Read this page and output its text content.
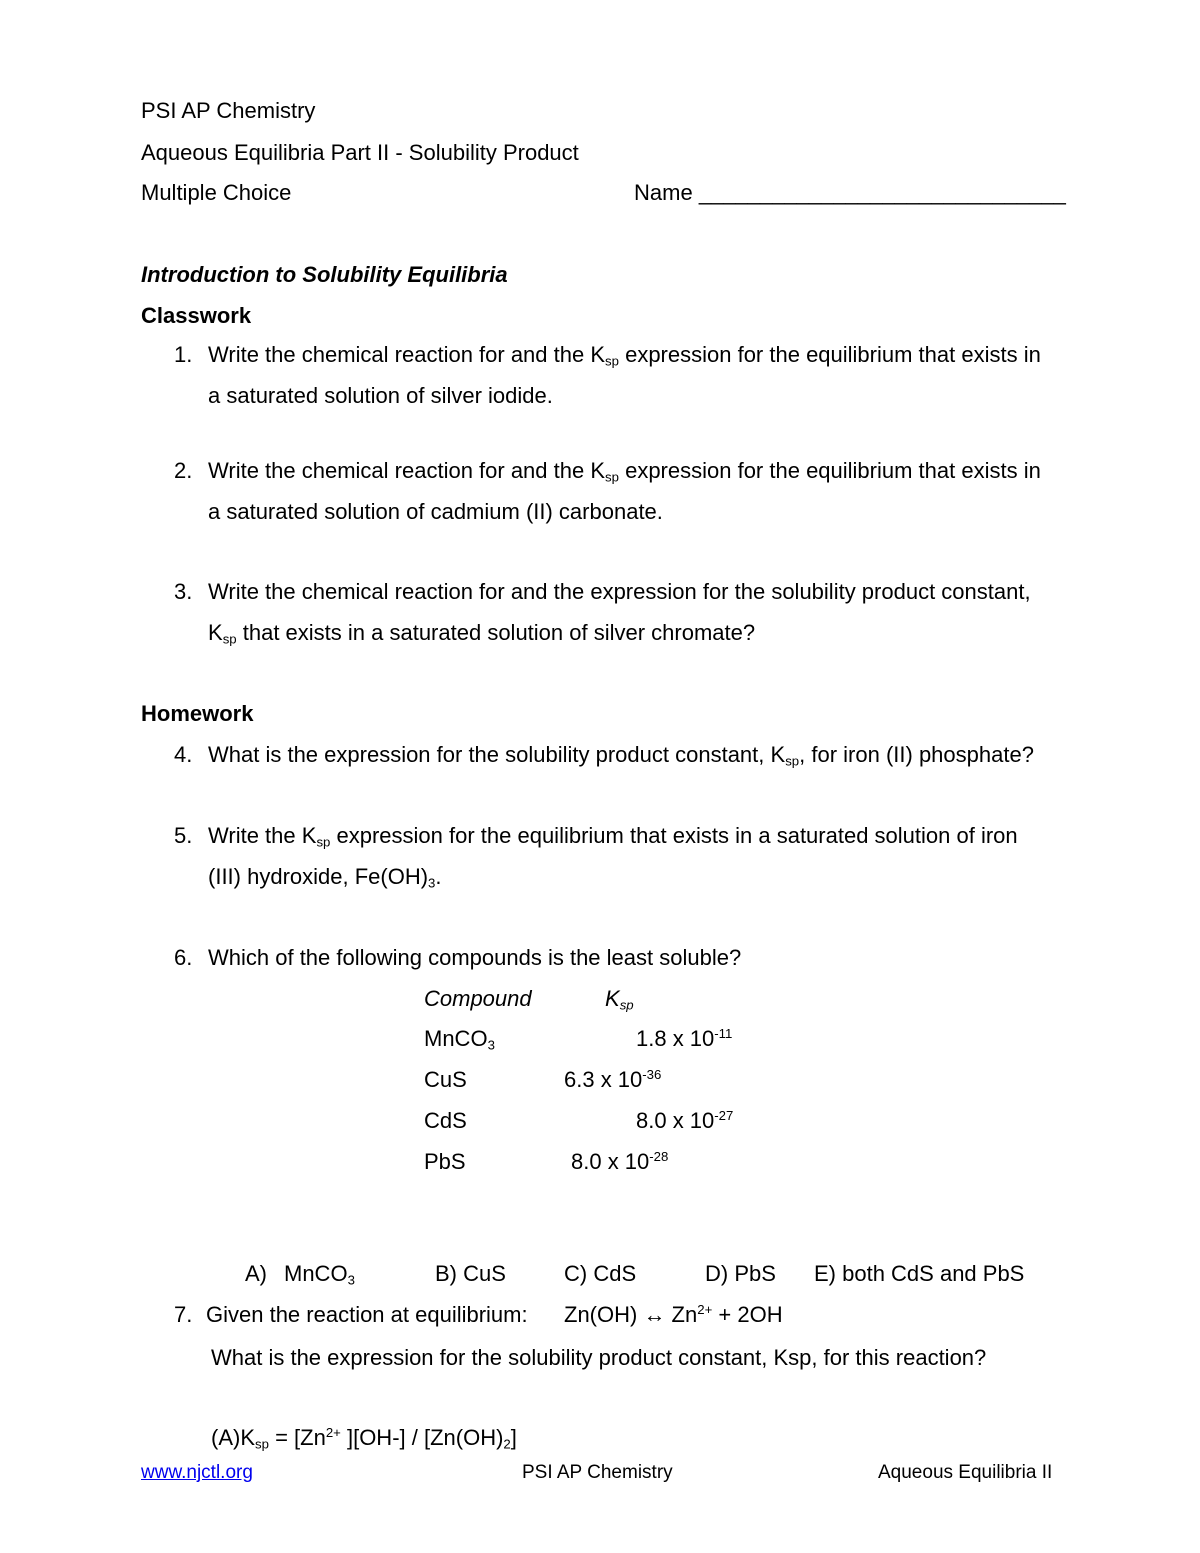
PSI AP Chemistry
Aqueous Equilibria Part II - Solubility Product
Multiple Choice	Name ______________________________
Introduction to Solubility Equilibria
Classwork
1. Write the chemical reaction for and the $K_{sp}$ expression for the equilibrium that exists in
a saturated solution of silver iodide.
2. Write the chemical reaction for and the $K_{sp}$ expression for the equilibrium that exists in
a saturated solution of cadmium (II) carbonate.
3. Write the chemical reaction for and the expression for the solubility product constant,
$K_{sp}$ that exists in a saturated solution of silver chromate?
Homework
4. What is the expression for the solubility product constant, $K_{sp}$, for iron (II) phosphate?
5. Write the $K_{sp}$ expression for the equilibrium that exists in a saturated solution of iron
(III) hydroxide, $Fe(OH)_3$.
6. Which of the following compounds is the least soluble?
Compound	$K_{sp}$
MnCO$_3$	1.8 x $10^{-11}$
CuS	6.3 x $10^{-36}$
CdS	8.0 x $10^{-27}$
PbS	8.0 x $10^{-28}$
A) MnCO$_3$	B) CuS	C) CdS	D) PbS E) both CdS and PbS
7. Given the reaction at equilibrium: Zn(OH) ↔ $Zn^{2+} + 2OH$
What is the expression for the solubility product constant, Ksp, for this reaction?
$(A)K_{sp} = [Zn^{2+}$ ]$[OH-] / [Zn(OH)_2]$
www.njctl.org	PSI AP Chemistry	Aqueous Equilibria II
